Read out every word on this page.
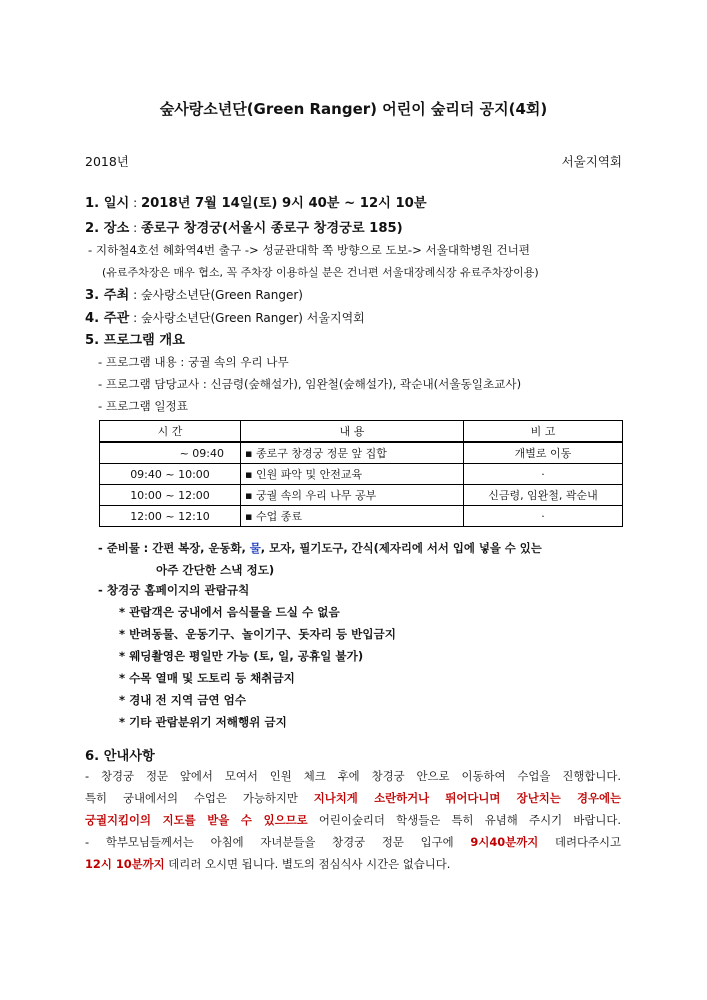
숲사랑소년단(Green Ranger) 어린이 숲리더 공지(4회)
2018년	서울지역회
1. 일시 : 2018년 7월 14일(토) 9시 40분 ~ 12시 10분
2. 장소 : 종로구 창경궁(서울시 종로구 창경궁로 185)
- 지하철4호선 혜화역4번 출구 -> 성균관대학 쪽 방향으로 도보-> 서울대학병원 건너편
(유료주차장은 매우 협소, 꼭 주차장 이용하실 분은 건너편 서울대장례식장 유료주차장이용)
3. 주최 : 숲사랑소년단(Green Ranger)
4. 주관 : 숲사랑소년단(Green Ranger) 서울지역회
5. 프로그램 개요
- 프로그램 내용 : 궁궐 속의 우리 나무
- 프로그램 담당교사 : 신금령(숲해설가), 임완철(숲해설가), 곽순내(서울동일초교사)
- 프로그램 일정표
시 간	내 용	비 고
~ 09:40	▪ 종로구 창경궁 정문 앞 집합	개별로 이동
09:40 ~ 10:00	▪ 인원 파악 및 안전교육	·
10:00 ~ 12:00	▪ 궁궐 속의 우리 나무 공부	신금령, 임완철, 곽순내
12:00 ~ 12:10	▪ 수업 종료	·
- 준비물 : 간편 복장, 운동화, 물, 모자, 필기도구, 간식(제자리에 서서 입에 넣을 수 있는
아주 간단한 스낵 정도)
- 창경궁 홈페이지의 관람규칙
* 관람객은 궁내에서 음식물을 드실 수 없음
* 반려동물、운동기구、놀이기구、돗자리 등 반입금지
* 웨딩촬영은 평일만 가능 (토, 일, 공휴일 불가)
* 수목 열매 및 도토리 등 채취금지
* 경내 전 지역 금연 엄수
* 기타 관람분위기 저해행위 금지
6. 안내사항
- 창경궁 정문 앞에서 모여서 인원 체크 후에 창경궁 안으로 이동하여 수업을 진행합니다.
특히 궁내에서의 수업은 가능하지만 지나치게 소란하거나 뛰어다니며 장난치는 경우에는
궁궐지킴이의 지도를 받을 수 있으므로 어린이숲리더 학생들은 특히 유념해 주시기 바랍니다.
- 학부모님들께서는 아침에 자녀분들을 창경궁 정문 입구에 9시40분까지 데려다주시고
12시 10분까지 데리러 오시면 됩니다. 별도의 점심식사 시간은 없습니다.
